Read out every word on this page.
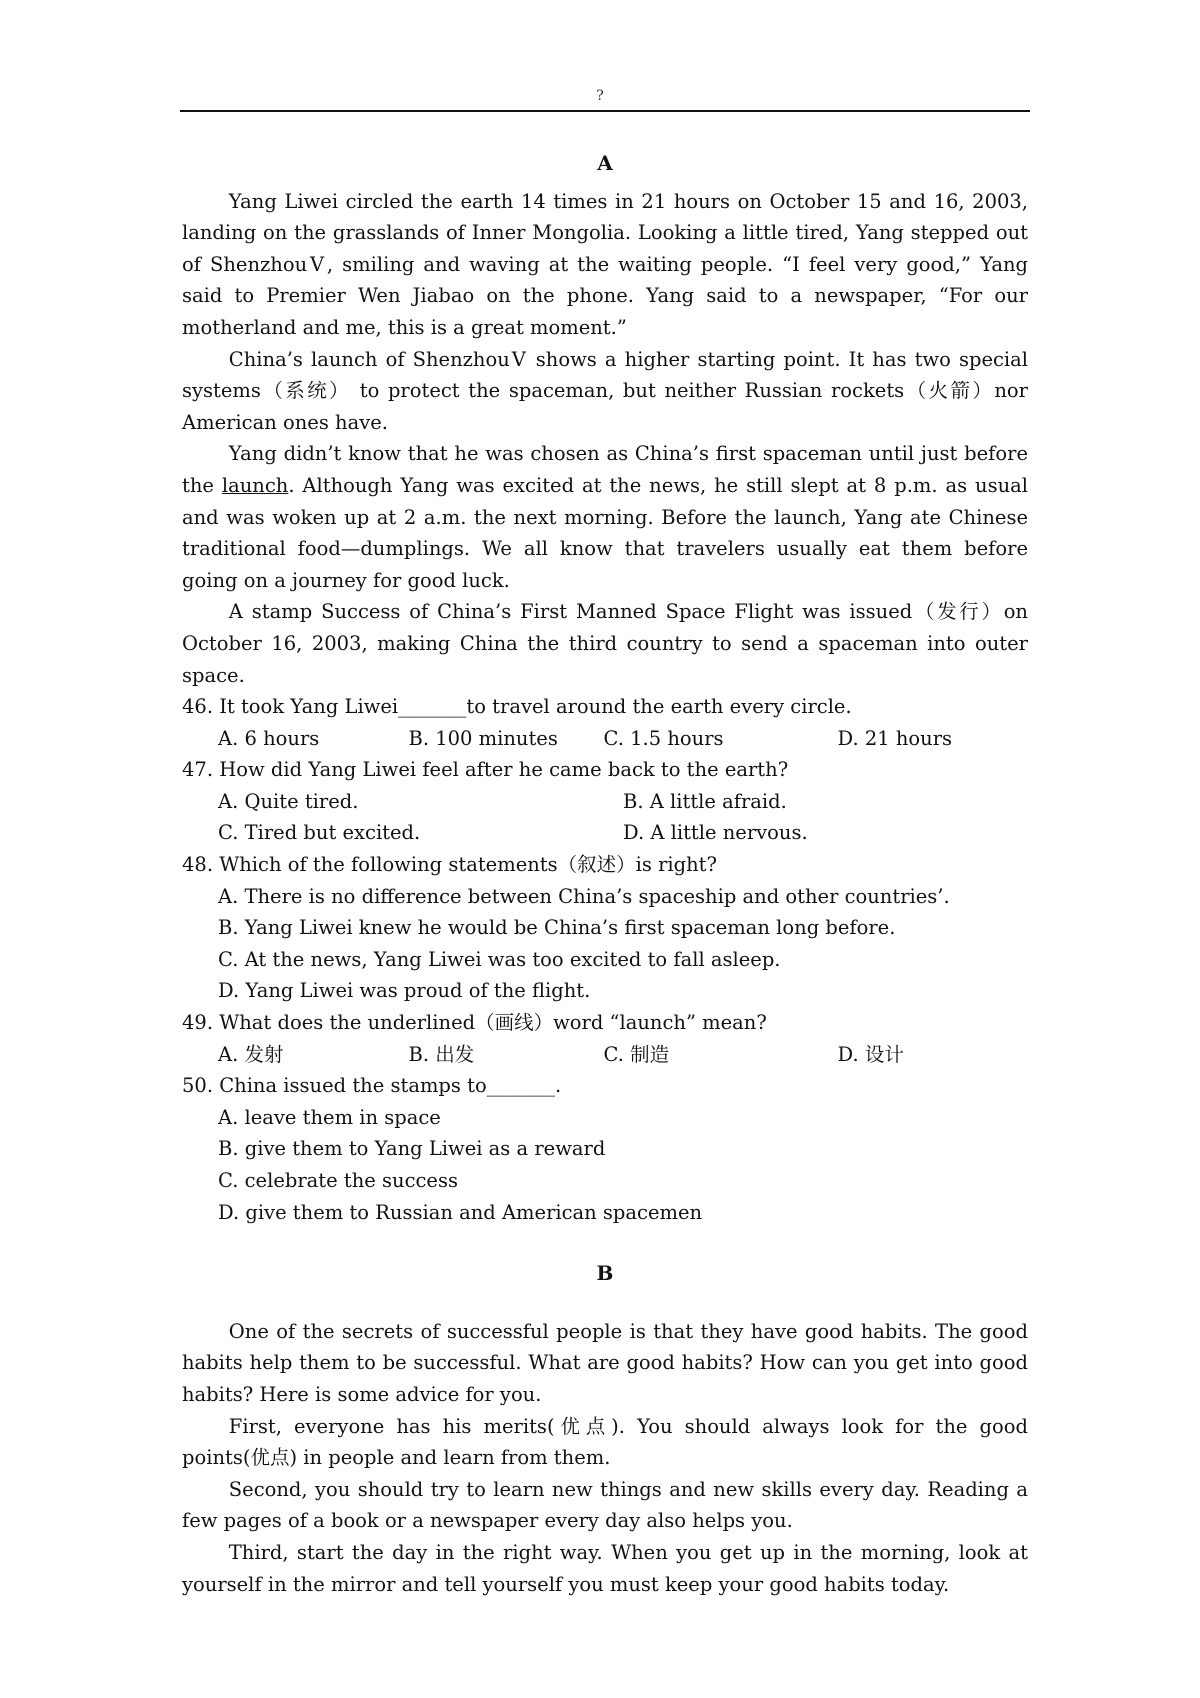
?
A

Yang Liwei circled the earth 14 times in 21 hours on October 15 and 16, 2003, landing on the grasslands of Inner Mongolia. Looking a little tired, Yang stepped out of ShenzhouⅤ, smiling and waving at the waiting people. “I feel very good,” Yang said to Premier Wen Jiabao on the phone. Yang said to a newspaper, “For our motherland and me, this is a great moment.”

China’s launch of ShenzhouⅤ shows a higher starting point. It has two special systems（系统） to protect the spaceman, but neither Russian rockets（火箭）nor American ones have.

Yang didn’t know that he was chosen as China’s first spaceman until just before the launch. Although Yang was excited at the news, he still slept at 8 p.m. as usual and was woken up at 2 a.m. the next morning. Before the launch, Yang ate Chinese traditional food—dumplings. We all know that travelers usually eat them before going on a journey for good luck.

A stamp Success of China’s First Manned Space Flight was issued（发行）on October 16, 2003, making China the third country to send a spaceman into outer space.

46. It took Yang Liwei_______to travel around the earth every circle.

A. 6 hours	B. 100 minutes	C. 1.5 hours	D. 21 hours

47. How did Yang Liwei feel after he came back to the earth?

A. Quite tired.	B. A little afraid.
C. Tired but excited.	D. A little nervous.

48. Which of the following statements（叙述）is right?

A. There is no difference between China’s spaceship and other countries’.

B. Yang Liwei knew he would be China’s first spaceman long before.

C. At the news, Yang Liwei was too excited to fall asleep.

D. Yang Liwei was proud of the flight.

49. What does the underlined（画线）word “launch” mean?

A. 发射	B. 出发	C. 制造	D. 设计

50. China issued the stamps to_______.

A. leave them in space

B. give them to Yang Liwei as a reward

C. celebrate the success

D. give them to Russian and American spacemen

B

One of the secrets of successful people is that they have good habits. The good habits help them to be successful. What are good habits? How can you get into good habits? Here is some advice for you.

First, everyone has his merits(优点). You should always look for the good points(优点) in people and learn from them.

Second, you should try to learn new things and new skills every day. Reading a few pages of a book or a newspaper every day also helps you.

Third, start the day in the right way. When you get up in the morning, look at yourself in the mirror and tell yourself you must keep your good habits today.
